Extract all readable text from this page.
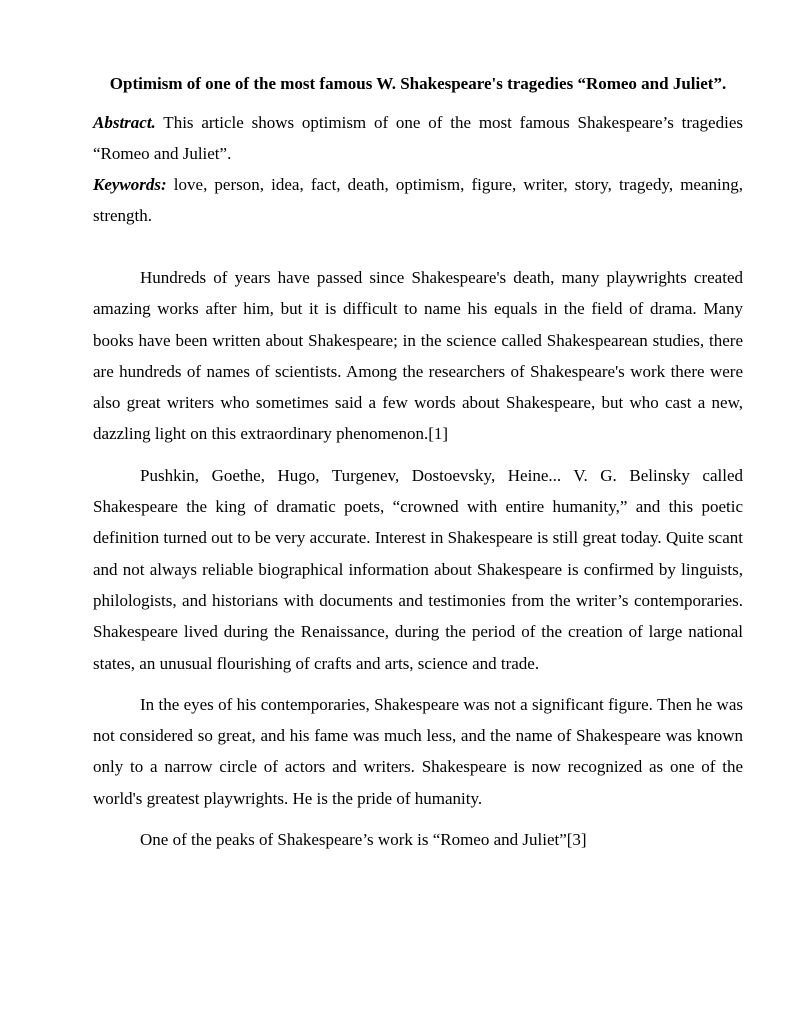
Optimism of one of the most famous W. Shakespeare's tragedies “Romeo and Juliet”.

Abstract. This article shows optimism of one of the most famous Shakespeare’s tragedies “Romeo and Juliet”.

Keywords: love, person, idea, fact, death, optimism, figure, writer, story, tragedy, meaning, strength.

Hundreds of years have passed since Shakespeare's death, many playwrights created amazing works after him, but it is difficult to name his equals in the field of drama. Many books have been written about Shakespeare; in the science called Shakespearean studies, there are hundreds of names of scientists. Among the researchers of Shakespeare's work there were also great writers who sometimes said a few words about Shakespeare, but who cast a new, dazzling light on this extraordinary phenomenon.[1]

Pushkin, Goethe, Hugo, Turgenev, Dostoevsky, Heine... V. G. Belinsky called Shakespeare the king of dramatic poets, “crowned with entire humanity,” and this poetic definition turned out to be very accurate. Interest in Shakespeare is still great today. Quite scant and not always reliable biographical information about Shakespeare is confirmed by linguists, philologists, and historians with documents and testimonies from the writer’s contemporaries. Shakespeare lived during the Renaissance, during the period of the creation of large national states, an unusual flourishing of crafts and arts, science and trade.

In the eyes of his contemporaries, Shakespeare was not a significant figure. Then he was not considered so great, and his fame was much less, and the name of Shakespeare was known only to a narrow circle of actors and writers. Shakespeare is now recognized as one of the world's greatest playwrights. He is the pride of humanity.

One of the peaks of Shakespeare’s work is “Romeo and Juliet”[3]
